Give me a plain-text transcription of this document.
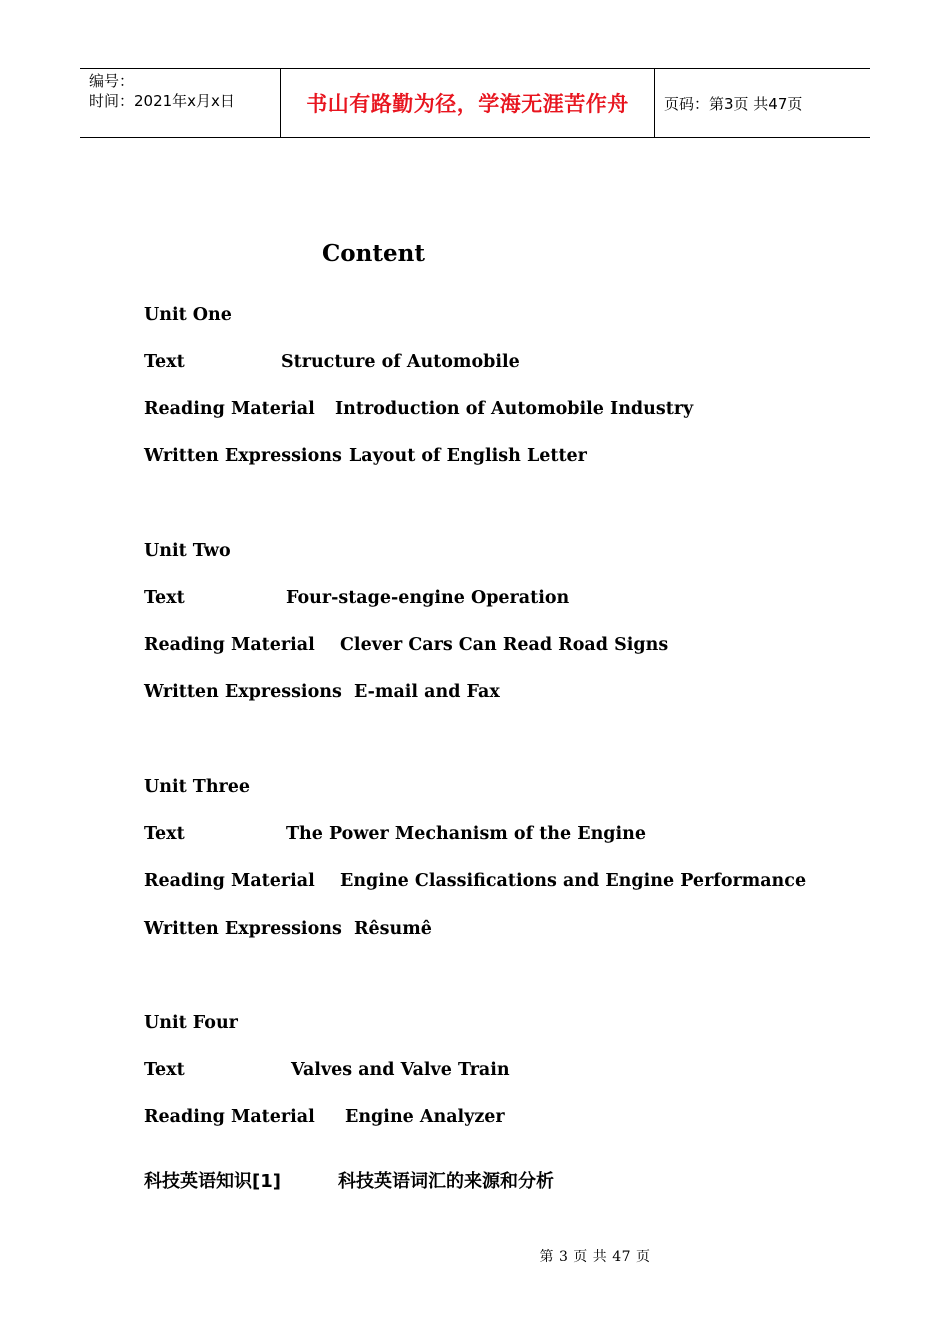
编号：
时间：2021年x月x日	书山有路勤为径，学海无涯苦作舟	页码：第3页 共47页
Content
Unit One
Text	Structure of Automobile
Reading Material Introduction of Automobile Industry
Written Expressions Layout of English Letter
Unit Two
Text	Four-stage-engine Operation
Reading Material Clever Cars Can Read Road Signs
Written Expressions E-mail and Fax
Unit Three
Text	The Power Mechanism of the Engine
Reading Material Engine Classifications and Engine Performance
Written Expressions Rêsumê
Unit Four
Text	Valves and Valve Train
Reading Material Engine Analyzer
科技英语知识[1]	科技英语词汇的来源和分析
第 3 页 共 47 页
